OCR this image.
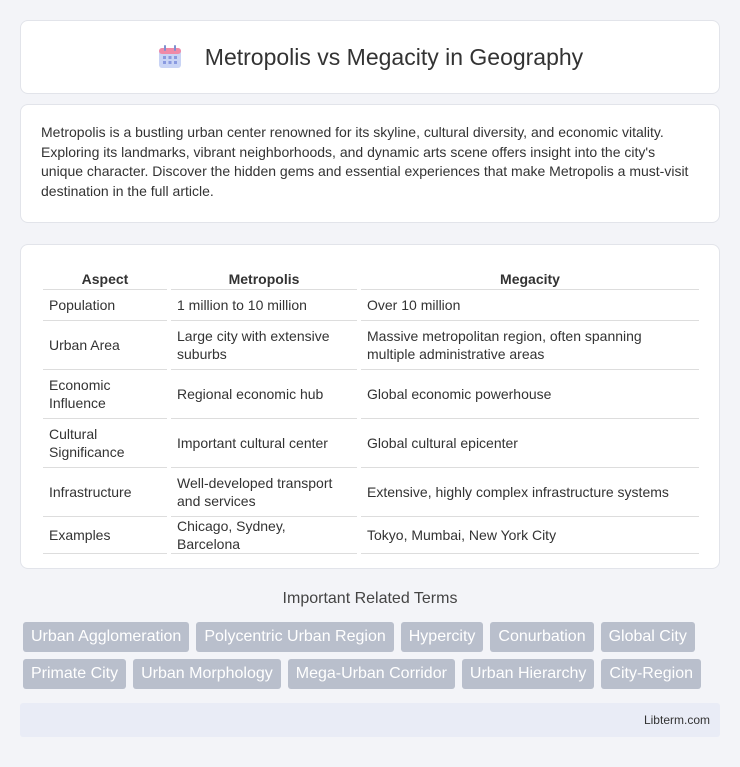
Metropolis vs Megacity in Geography

Metropolis is a bustling urban center renowned for its skyline, cultural diversity, and economic vitality. Exploring its landmarks, vibrant neighborhoods, and dynamic arts scene offers insight into the city's unique character. Discover the hidden gems and essential experiences that make Metropolis a must-visit destination in the full article.

Aspect	Metropolis	Megacity
Population	1 million to 10 million	Over 10 million
Urban Area	Large city with extensive suburbs	Massive metropolitan region, often spanning multiple administrative areas
Economic Influence	Regional economic hub	Global economic powerhouse
Cultural Significance	Important cultural center	Global cultural epicenter
Infrastructure	Well-developed transport and services	Extensive, highly complex infrastructure systems
Examples	Chicago, Sydney, Barcelona	Tokyo, Mumbai, New York City
Important Related Terms
Urban Agglomeration	Polycentric Urban Region	Hypercity	Conurbation	Global City
Primate City	Urban Morphology	Mega-Urban Corridor	Urban Hierarchy	City-Region
Libterm.com
